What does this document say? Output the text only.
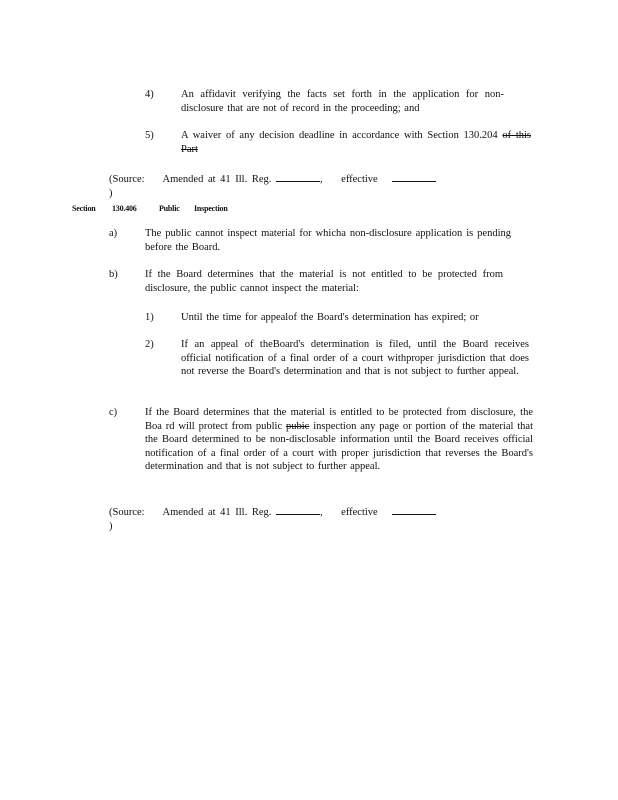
4)	An affidavit verifying the facts set forth in the application for non-disclosure that are not of record in the proceeding; and
5)	A waiver of any decision deadline in accordance with Section 130.204 of this Part
(Source: Amended at 41 Ill. Reg.	, effective   )
Section 130.406	Public Inspection
a)	The public cannot inspect material for whicha non-disclosure application is pending before the Board.
b)	If the Board determines that the material is not entitled to be protected from disclosure, the public cannot inspect the material:
1)	Until the time for appealof the Board's determination has expired; or
2)	If an appeal of theBoard's determination is filed, until the Board receives official notification of a final order of a court withproper jurisdiction that does not reverse the Board's determination and that is not subject to further appeal.
c)	If the Board determines that the material is entitled to be protected from disclosure, the Boa rd will protect from public pubic inspection any page or portion of the material that the Board determined to be non-disclosable information until the Board receives official notification of a final order of a court with proper jurisdiction that reverses the Board's determination and that is not subject to further appeal.
(Source: Amended at 41 Ill. Reg.	, effective   )
